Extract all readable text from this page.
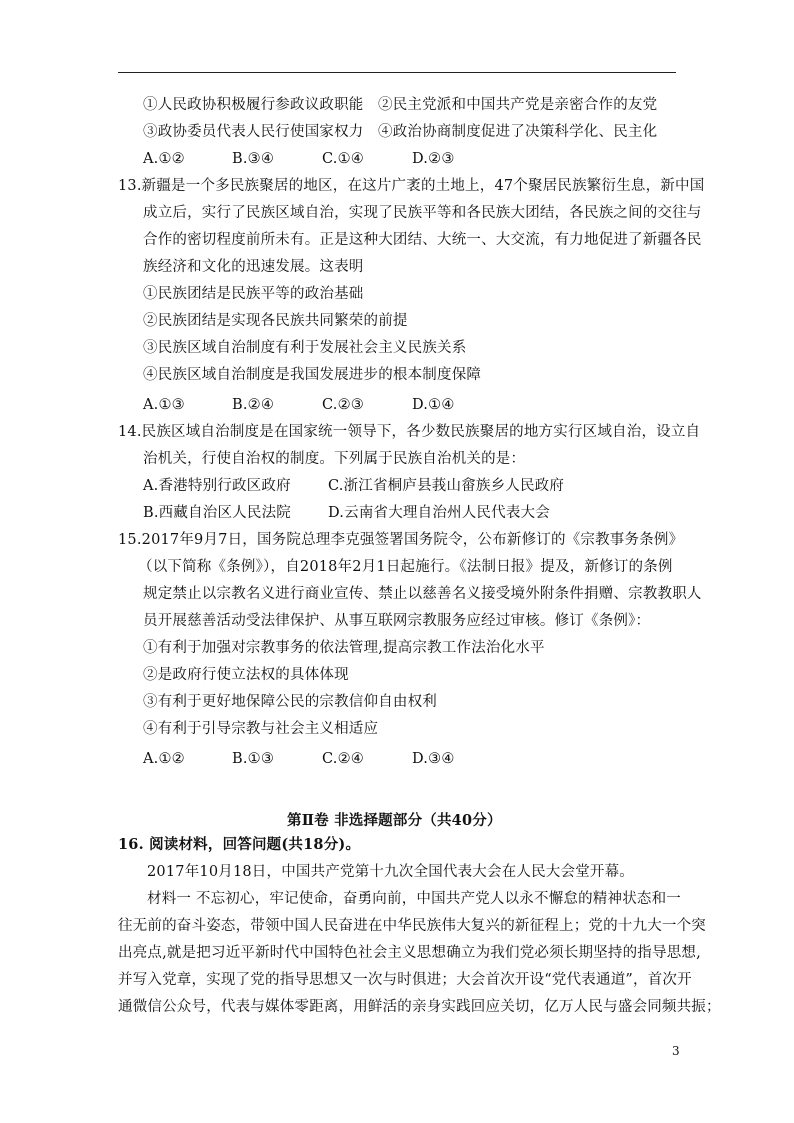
①人民政协积极履行参政议政职能 ②民主党派和中国共产党是亲密合作的友党
③政协委员代表人民行使国家权力 ④政治协商制度促进了决策科学化、民主化
A.①②	B.③④	C.①④	D.②③
13.新疆是一个多民族聚居的地区，在这片广袤的土地上，47个聚居民族繁衍生息，新中国
成立后，实行了民族区域自治，实现了民族平等和各民族大团结，各民族之间的交往与
合作的密切程度前所未有。正是这种大团结、大统一、大交流，有力地促进了新疆各民
族经济和文化的迅速发展。这表明
①民族团结是民族平等的政治基础
②民族团结是实现各民族共同繁荣的前提
③民族区域自治制度有利于发展社会主义民族关系
④民族区域自治制度是我国发展进步的根本制度保障
A.①③	B.②④	C.②③	D.①④
14.民族区域自治制度是在国家统一领导下，各少数民族聚居的地方实行区域自治，设立自
治机关，行使自治权的制度。下列属于民族自治机关的是：
A.香港特别行政区政府	C.浙江省桐庐县莪山畲族乡人民政府
B.西藏自治区人民法院	D.云南省大理自治州人民代表大会
15.2017年9月7日，国务院总理李克强签署国务院令，公布新修订的《宗教事务条例》
（以下简称《条例》），自2018年2月1日起施行。《法制日报》提及，新修订的条例
规定禁止以宗教名义进行商业宣传、禁止以慈善名义接受境外附条件捐赠、宗教教职人
员开展慈善活动受法律保护、从事互联网宗教服务应经过审核。修订《条例》：
①有利于加强对宗教事务的依法管理,提高宗教工作法治化水平
②是政府行使立法权的具体体现
③有利于更好地保障公民的宗教信仰自由权利
④有利于引导宗教与社会主义相适应
A.①②	B.①③	C.②④	D.③④
第Ⅱ卷 非选择题部分（共40分）
16. 阅读材料，回答问题(共18分)。
2017年10月18日，中国共产党第十九次全国代表大会在人民大会堂开幕。
材料一 不忘初心，牢记使命，奋勇向前，中国共产党人以永不懈怠的精神状态和一
往无前的奋斗姿态，带领中国人民奋进在中华民族伟大复兴的新征程上；党的十九大一个突
出亮点,就是把习近平新时代中国特色社会主义思想确立为我们党必须长期坚持的指导思想,
并写入党章，实现了党的指导思想又一次与时俱进；大会首次开设“党代表通道”，首次开
通微信公众号，代表与媒体零距离，用鲜活的亲身实践回应关切，亿万人民与盛会同频共振；
3
